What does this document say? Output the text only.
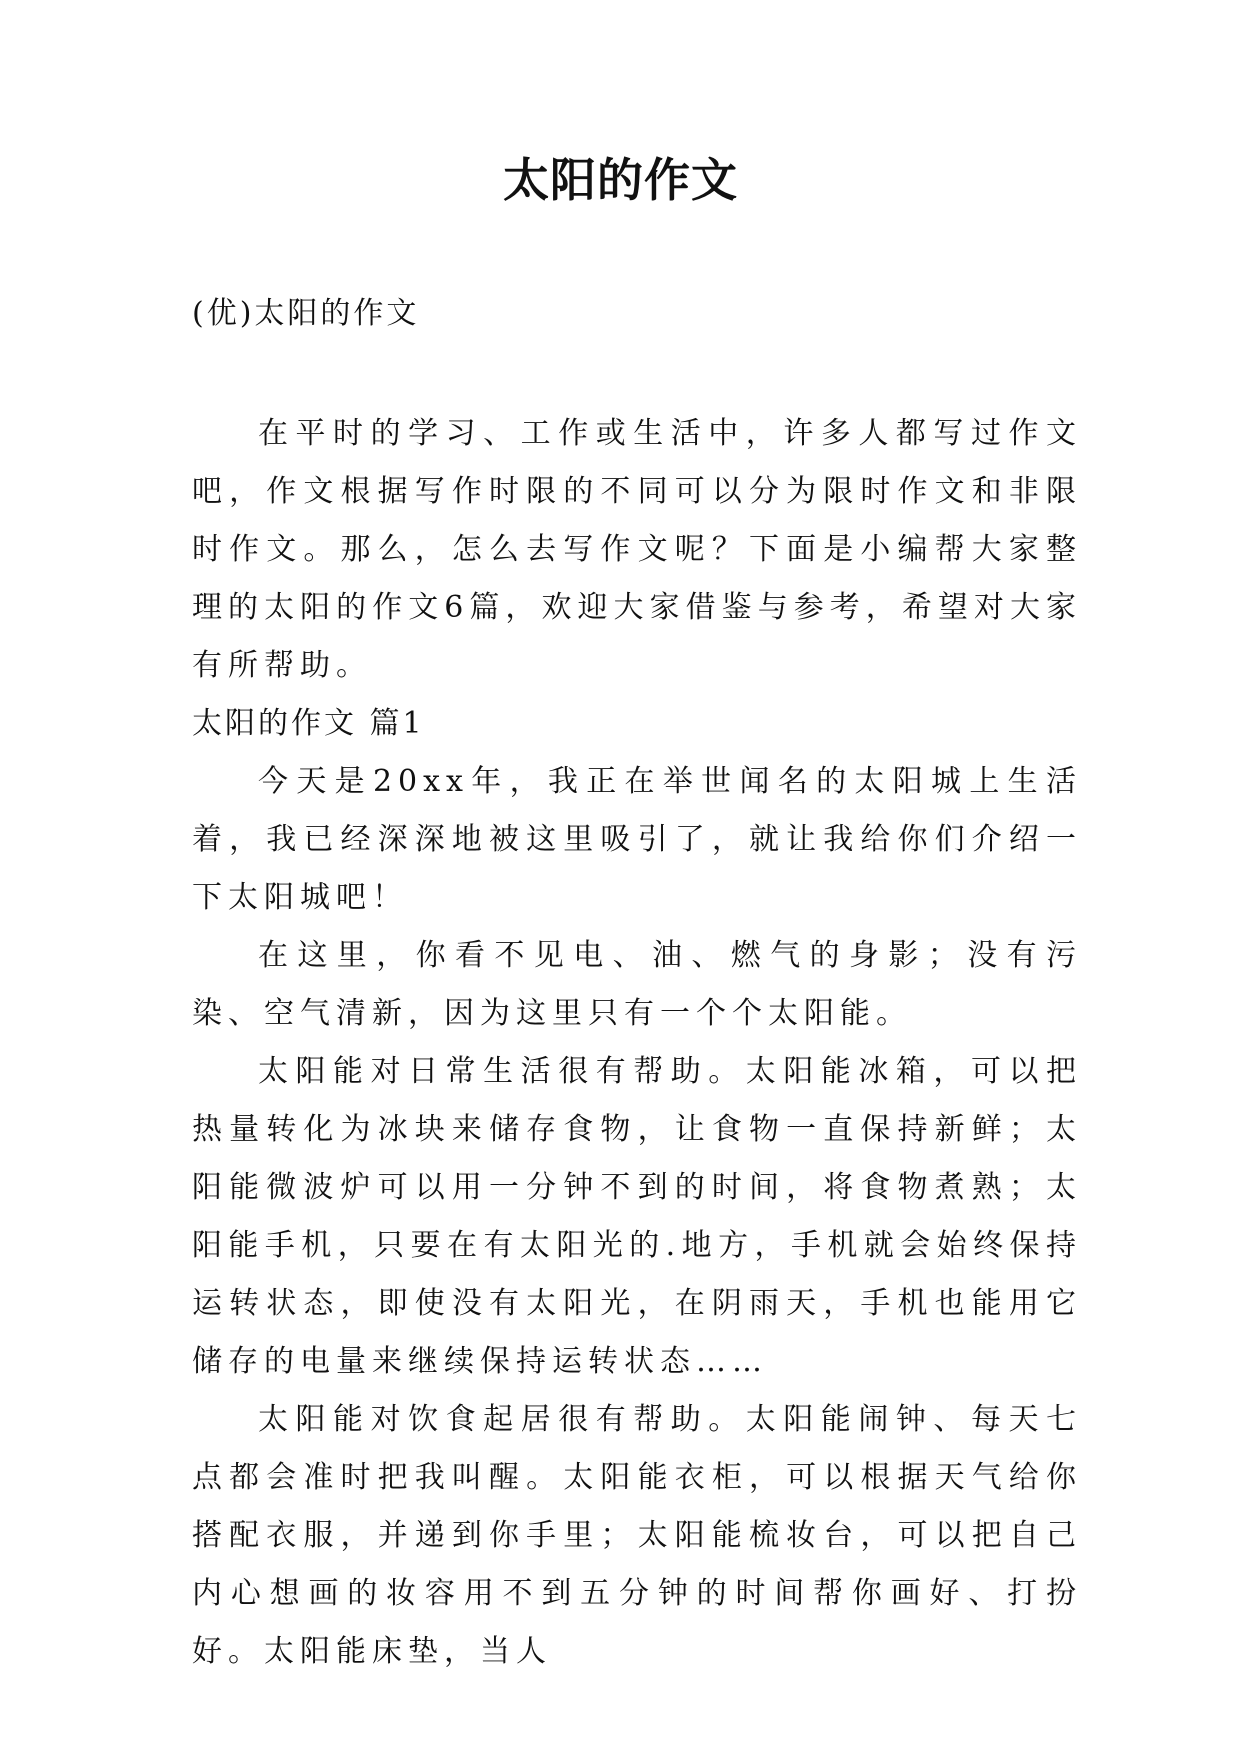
太阳的作文
(优)太阳的作文

在平时的学习、工作或生活中，许多人都写过作文吧，作文根据写作时限的不同可以分为限时作文和非限时作文。那么，怎么去写作文呢？下面是小编帮大家整理的太阳的作文6篇，欢迎大家借鉴与参考，希望对大家有所帮助。

太阳的作文 篇1

今天是20xx年，我正在举世闻名的太阳城上生活着，我已经深深地被这里吸引了，就让我给你们介绍一下太阳城吧！

在这里，你看不见电、油、燃气的身影；没有污染、空气清新，因为这里只有一个个太阳能。

太阳能对日常生活很有帮助。太阳能冰箱，可以把热量转化为冰块来储存食物，让食物一直保持新鲜；太阳能微波炉可以用一分钟不到的时间，将食物煮熟；太阳能手机，只要在有太阳光的.地方，手机就会始终保持运转状态，即使没有太阳光，在阴雨天，手机也能用它储存的电量来继续保持运转状态……

太阳能对饮食起居很有帮助。太阳能闹钟、每天七点都会准时把我叫醒。太阳能衣柜，可以根据天气给你搭配衣服，并递到你手里；太阳能梳妆台，可以把自己内心想画的妆容用不到五分钟的时间帮你画好、打扮好。太阳能床垫，当人
